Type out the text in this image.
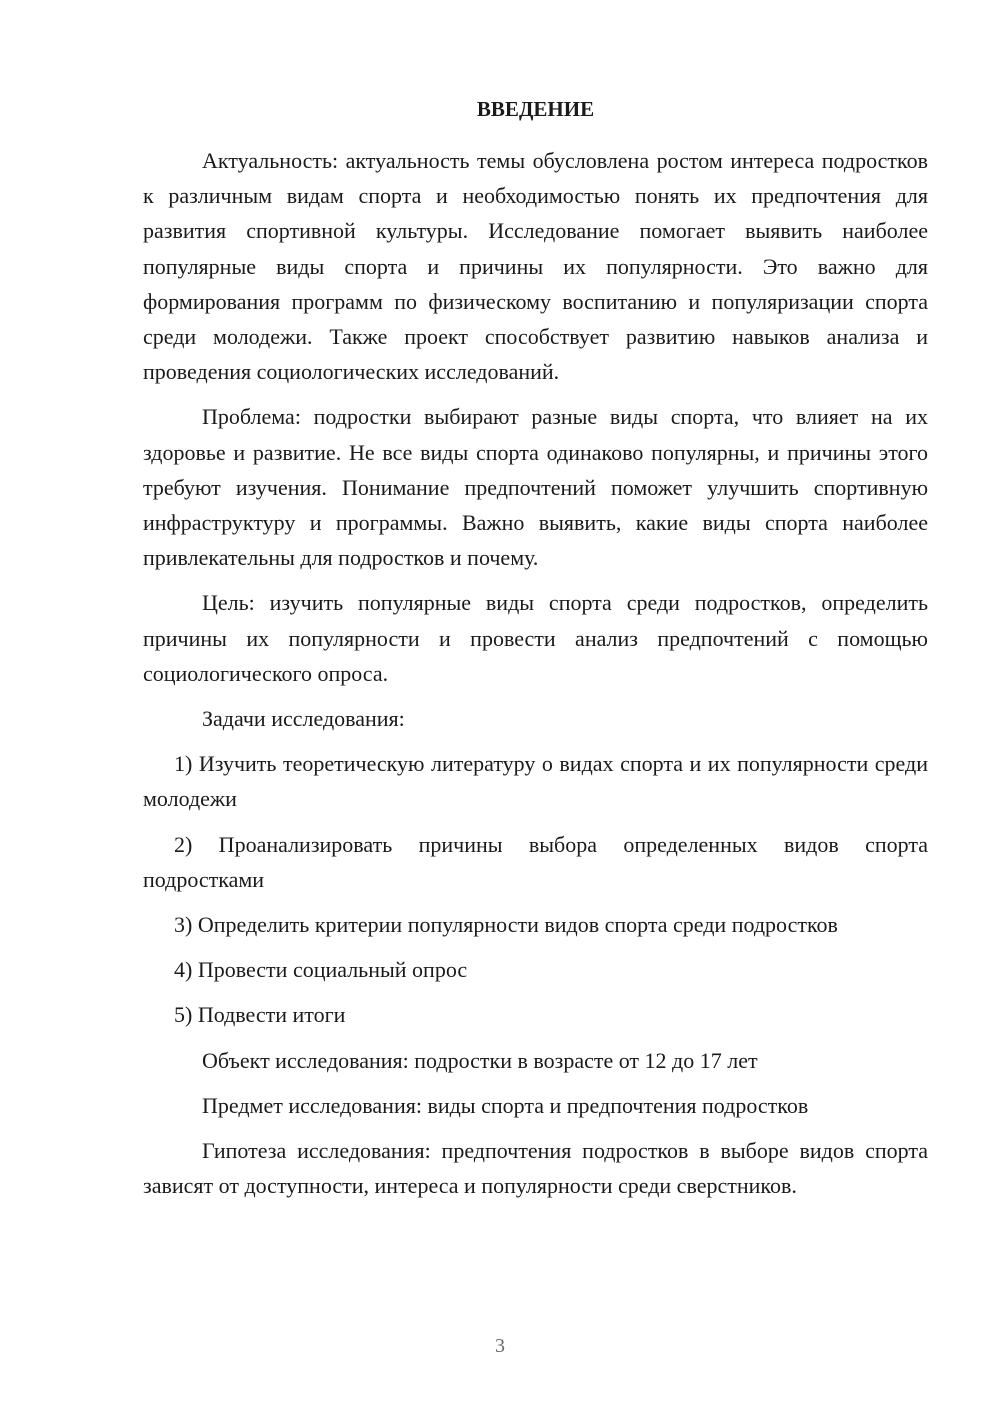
ВВЕДЕНИЕ

Актуальность: актуальность темы обусловлена ростом интереса подростков к различным видам спорта и необходимостью понять их предпочтения для развития спортивной культуры. Исследование помогает выявить наиболее популярные виды спорта и причины их популярности. Это важно для формирования программ по физическому воспитанию и популяризации спорта среди молодежи. Также проект способствует развитию навыков анализа и проведения социологических исследований.

Проблема: подростки выбирают разные виды спорта, что влияет на их здоровье и развитие. Не все виды спорта одинаково популярны, и причины этого требуют изучения. Понимание предпочтений поможет улучшить спортивную инфраструктуру и программы. Важно выявить, какие виды спорта наиболее привлекательны для подростков и почему.

Цель: изучить популярные виды спорта среди подростков, определить причины их популярности и провести анализ предпочтений с помощью социологического опроса.

Задачи исследования:

1) Изучить теоретическую литературу о видах спорта и их популярности среди молодежи

2) Проанализировать причины выбора определенных видов спорта подростками

3) Определить критерии популярности видов спорта среди подростков

4) Провести социальный опрос

5) Подвести итоги

Объект исследования: подростки в возрасте от 12 до 17 лет

Предмет исследования: виды спорта и предпочтения подростков

Гипотеза исследования: предпочтения подростков в выборе видов спорта зависят от доступности, интереса и популярности среди сверстников.

3
